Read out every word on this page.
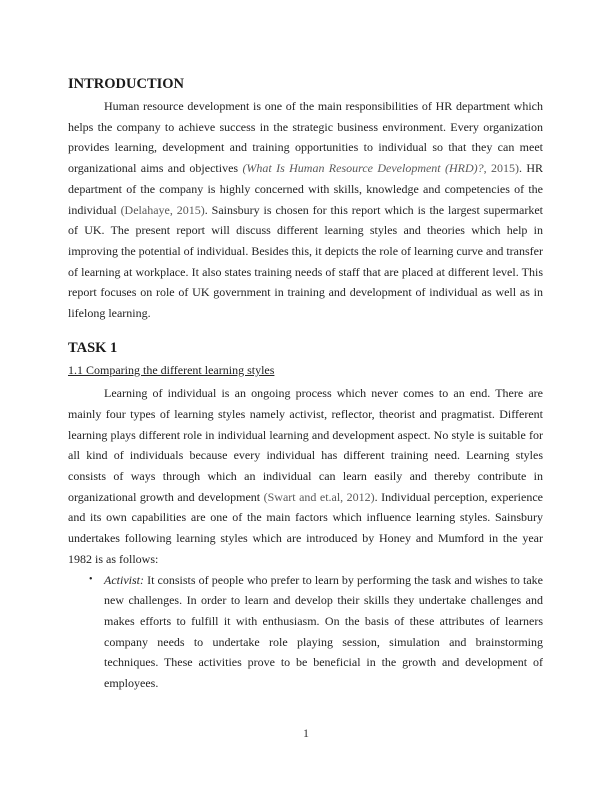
INTRODUCTION

Human resource development is one of the main responsibilities of HR department which helps the company to achieve success in the strategic business environment. Every organization provides learning, development and training opportunities to individual so that they can meet organizational aims and objectives (What Is Human Resource Development (HRD)?, 2015). HR department of the company is highly concerned with skills, knowledge and competencies of the individual (Delahaye, 2015). Sainsbury is chosen for this report which is the largest supermarket of UK. The present report will discuss different learning styles and theories which help in improving the potential of individual. Besides this, it depicts the role of learning curve and transfer of learning at workplace. It also states training needs of staff that are placed at different level. This report focuses on role of UK government in training and development of individual as well as in lifelong learning.

TASK 1
1.1 Comparing the different learning styles

Learning of individual is an ongoing process which never comes to an end. There are mainly four types of learning styles namely activist, reflector, theorist and pragmatist. Different learning plays different role in individual learning and development aspect. No style is suitable for all kind of individuals because every individual has different training need. Learning styles consists of ways through which an individual can learn easily and thereby contribute in organizational growth and development (Swart and et.al, 2012). Individual perception, experience and its own capabilities are one of the main factors which influence learning styles. Sainsbury undertakes following learning styles which are introduced by Honey and Mumford in the year 1982 is as follows:

• Activist: It consists of people who prefer to learn by performing the task and wishes to take new challenges. In order to learn and develop their skills they undertake challenges and makes efforts to fulfill it with enthusiasm. On the basis of these attributes of learners company needs to undertake role playing session, simulation and brainstorming techniques. These activities prove to be beneficial in the growth and development of employees.
1
